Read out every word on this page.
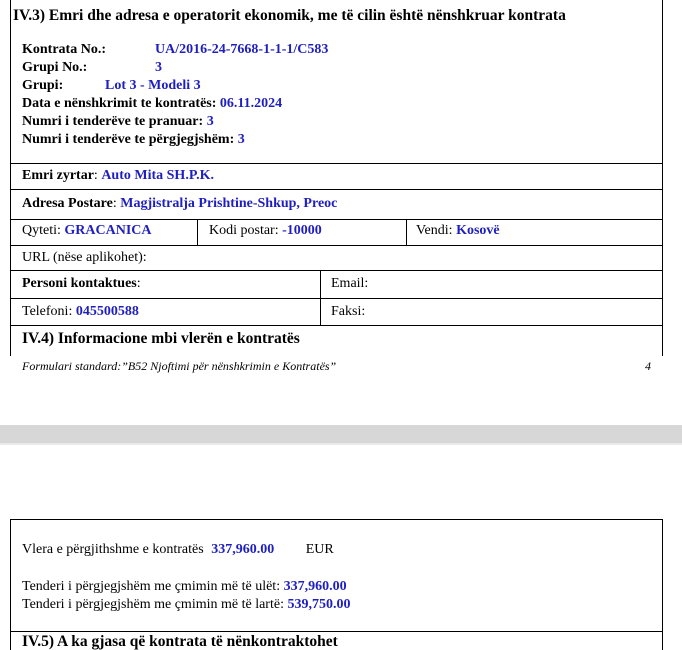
IV.3) Emri dhe adresa e operatorit ekonomik, me të cilin është nënshkruar kontrata
Kontrata No.:	UA/2016-24-7668-1-1-1/C583
Grupi No.:	3
Grupi:	Lot 3 - Modeli 3
Data e nënshkrimit te kontratës: 06.11.2024
Numri i tenderëve te pranuar: 3
Numri i tenderëve te përgjegjshëm: 3
Emri zyrtar: Auto Mita SH.P.K.
Adresa Postare: Magjistralja Prishtine-Shkup, Preoc
Qyteti: GRACANICA	Kodi postar: -10000	Vendi: Kosovë
URL (nëse aplikohet):
Personi kontaktues:	Email:
Telefoni: 045500588	Faksi:
IV.4) Informacione mbi vlerën e kontratës
Formulari standard:”B52 Njoftimi për nënshkrimin e Kontratës”	4
Vlera e përgjithshme e kontratës 337,960.00 EUR
Tenderi i përgjegjshëm me çmimin më të ulët: 337,960.00
Tenderi i përgjegjshëm me çmimin më të lartë: 539,750.00
IV.5) A ka gjasa që kontrata të nënkontraktohet
